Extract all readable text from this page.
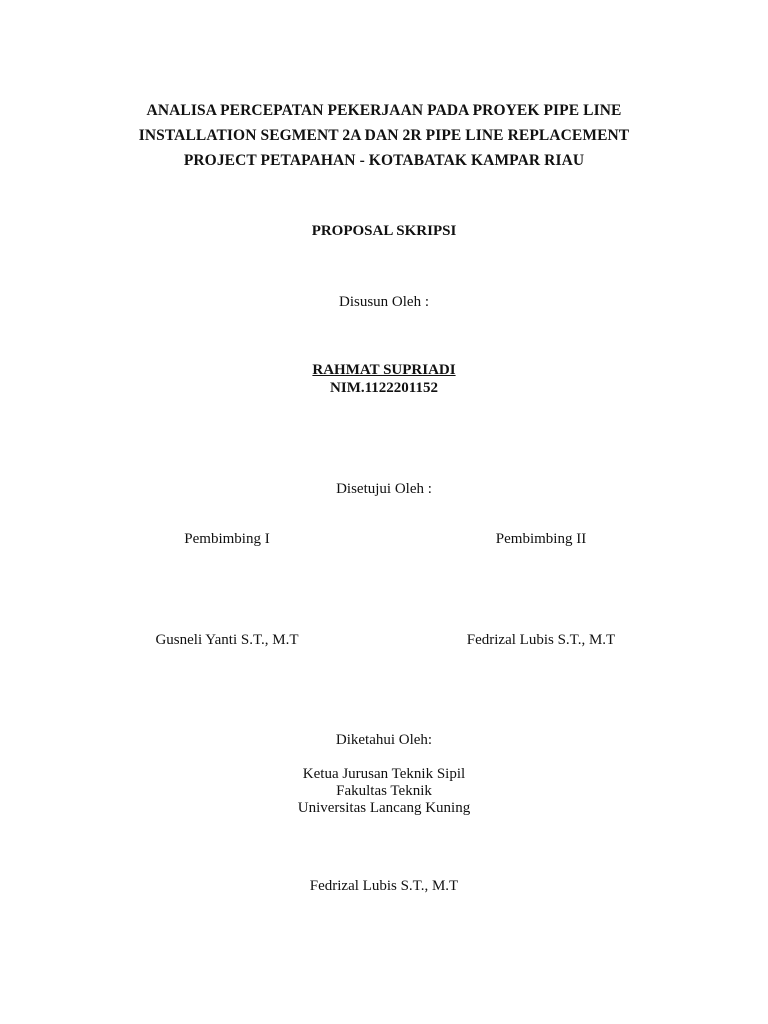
ANALISA PERCEPATAN PEKERJAAN PADA PROYEK PIPE LINE
INSTALLATION SEGMENT 2A DAN 2R PIPE LINE REPLACEMENT
PROJECT PETAPAHAN - KOTABATAK KAMPAR RIAU
PROPOSAL SKRIPSI
Disusun Oleh :
RAHMAT SUPRIADI
NIM.1122201152
Disetujui Oleh :
Pembimbing I	Pembimbing II
Gusneli Yanti S.T., M.T	Fedrizal Lubis S.T., M.T
Diketahui Oleh:
Ketua Jurusan Teknik Sipil
Fakultas Teknik
Universitas Lancang Kuning
Fedrizal Lubis S.T., M.T
